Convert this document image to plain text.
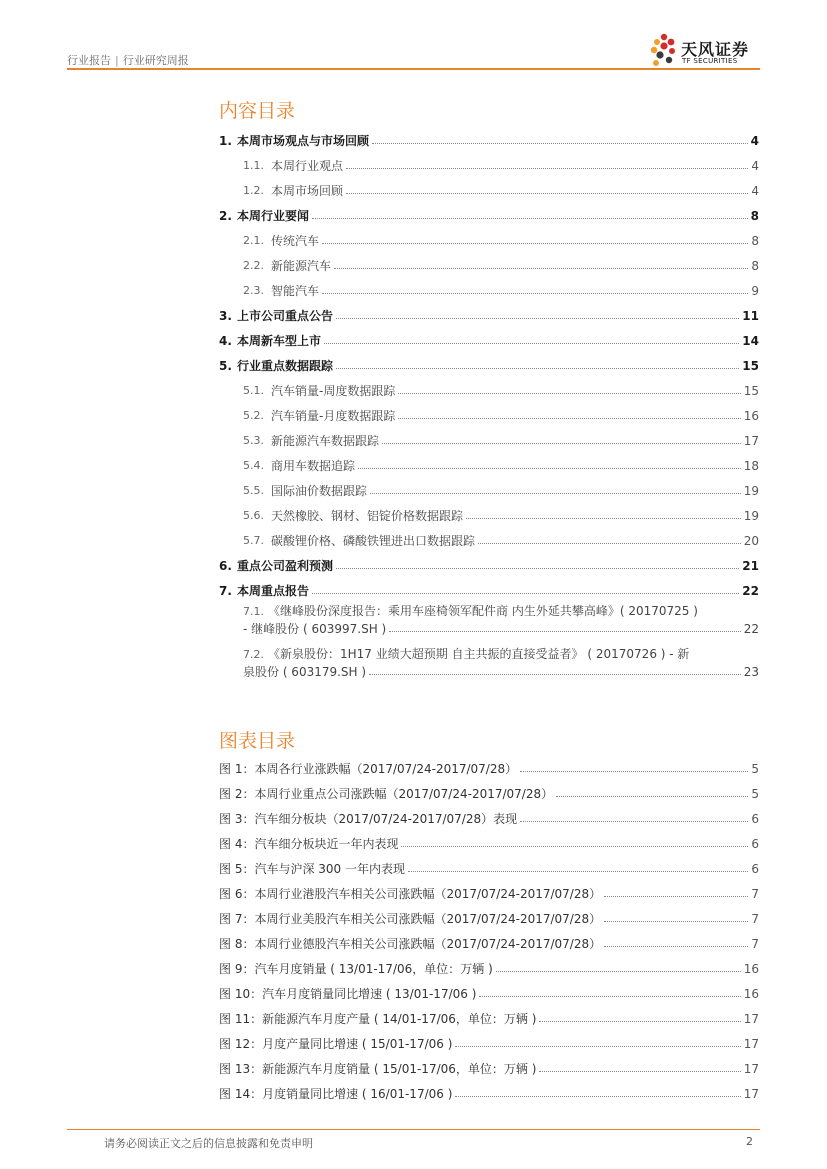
行业报告 | 行业研究周报
天风证券
TF SECURITIES
内容目录
1. 本周市场观点与市场回顾	4
1.1. 本周行业观点	4
1.2. 本周市场回顾	4
2. 本周行业要闻	8
2.1. 传统汽车	8
2.2. 新能源汽车	8
2.3. 智能汽车	9
3. 上市公司重点公告	11
4. 本周新车型上市	14
5. 行业重点数据跟踪	15
5.1. 汽车销量-周度数据跟踪	15
5.2. 汽车销量-月度数据跟踪	16
5.3. 新能源汽车数据跟踪	17
5.4. 商用车数据追踪	18
5.5. 国际油价数据跟踪	19
5.6. 天然橡胶、钢材、铝锭价格数据跟踪	19
5.7. 碳酸锂价格、磷酸铁锂进出口数据跟踪	20
6. 重点公司盈利预测	21
7. 本周重点报告	22
7.1. 《继峰股份深度报告：乘用车座椅领军配件商 内生外延共攀高峰》( 20170725 )
- 继峰股份 ( 603997.SH )	22
7.2. 《新泉股份：1H17 业绩大超预期 自主共振的直接受益者》 ( 20170726 ) - 新
泉股份 ( 603179.SH )	23
图表目录
图 1：本周各行业涨跌幅（2017/07/24-2017/07/28）	5
图 2：本周行业重点公司涨跌幅（2017/07/24-2017/07/28）	5
图 3：汽车细分板块（2017/07/24-2017/07/28）表现	6
图 4：汽车细分板块近一年内表现	6
图 5：汽车与沪深 300 一年内表现	6
图 6：本周行业港股汽车相关公司涨跌幅（2017/07/24-2017/07/28）	7
图 7：本周行业美股汽车相关公司涨跌幅（2017/07/24-2017/07/28）	7
图 8：本周行业德股汽车相关公司涨跌幅（2017/07/24-2017/07/28）	7
图 9：汽车月度销量 ( 13/01-17/06，单位：万辆 )	16
图 10：汽车月度销量同比增速 ( 13/01-17/06 )	16
图 11：新能源汽车月度产量 ( 14/01-17/06，单位：万辆 )	17
图 12：月度产量同比增速 ( 15/01-17/06 )	17
图 13：新能源汽车月度销量 ( 15/01-17/06，单位：万辆 )	17
图 14：月度销量同比增速 ( 16/01-17/06 )	17
请务必阅读正文之后的信息披露和免责申明	2
